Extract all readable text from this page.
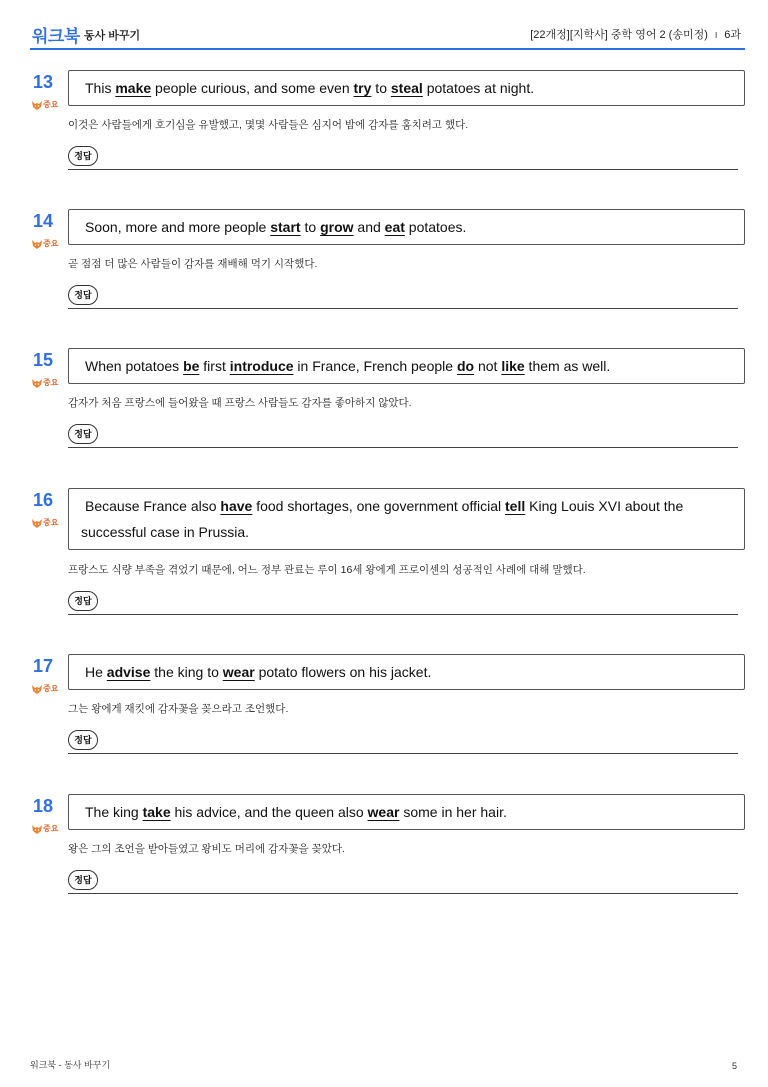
워크북 동사 바꾸기	[22개정][지학사] 중학 영어 2 (송미정) I 6과
13
중요
This make people curious, and some even try to steal potatoes at night.
이것은 사람들에게 호기심을 유발했고, 몇몇 사람들은 심지어 밤에 감자를 훔치려고 했다.
정답
14
중요
Soon, more and more people start to grow and eat potatoes.
곧 점점 더 많은 사람들이 감자를 재배해 먹기 시작했다.
정답
15
중요
When potatoes be first introduce in France, French people do not like them as well.
감자가 처음 프랑스에 들어왔을 때 프랑스 사람들도 감자를 좋아하지 않았다.
정답
16
중요
Because France also have food shortages, one government official tell King Louis XVI about the successful case in Prussia.
프랑스도 식량 부족을 겪었기 때문에, 어느 정부 관료는 루이 16세 왕에게 프로이센의 성공적인 사례에 대해 말했다.
정답
17
중요
He advise the king to wear potato flowers on his jacket.
그는 왕에게 재킷에 감자꽃을 꽂으라고 조언했다.
정답
18
중요
The king take his advice, and the queen also wear some in her hair.
왕은 그의 조언을 받아들였고 왕비도 머리에 감자꽃을 꽂았다.
정답
워크북 - 동사 바꾸기	5
